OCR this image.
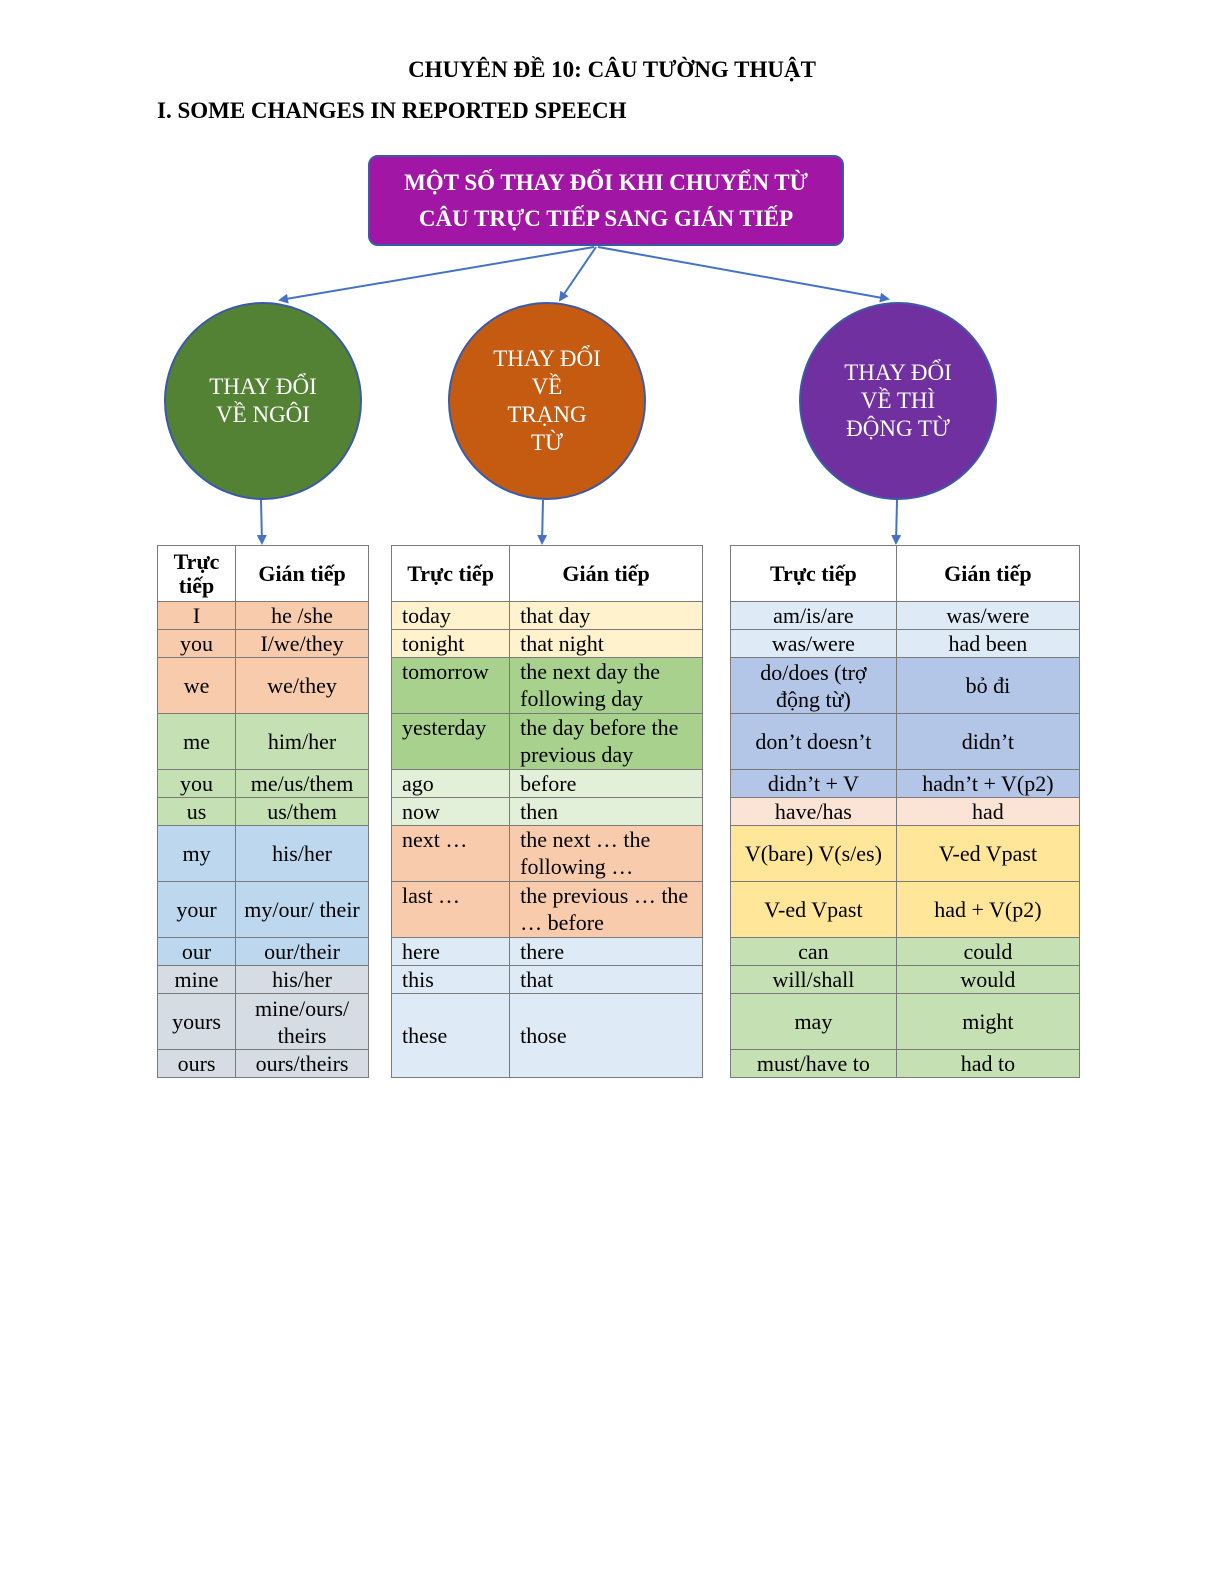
CHUYÊN ĐỀ 10: CÂU TƯỜNG THUẬT
I. SOME CHANGES IN REPORTED SPEECH
MỘT SỐ THAY ĐỔI KHI CHUYỂN TỪ
CÂU TRỰC TIẾP SANG GIÁN TIẾP
THAY ĐỔI VỀ NGÔI
THAY ĐỔI VỀ TRẠNG TỪ
THAY ĐỔI VỀ THÌ ĐỘNG TỪ
Trực tiếp	Gián tiếp
I	he /she
you	I/we/they
we	we/they
me	him/her
you	me/us/them
us	us/them
my	his/her
your	my/our/ their
our	our/their
mine	his/her
yours	mine/ours/ theirs
ours	ours/theirs
Trực tiếp	Gián tiếp
today	that day
tonight	that night
tomorrow	the next day the following day
yesterday	the day before the previous day
ago	before
now	then
next …	the next … the following …
last …	the previous … the … before
here	there
this	that
these	those
Trực tiếp	Gián tiếp
am/is/are	was/were
was/were	had been
do/does (trợ động từ)	bỏ đi
don’t doesn’t	didn’t
didn’t + V	hadn’t + V(p2)
have/has	had
V(bare) V(s/es)	V-ed Vpast
V-ed Vpast	had + V(p2)
can	could
will/shall	would
may	might
must/have to	had to
